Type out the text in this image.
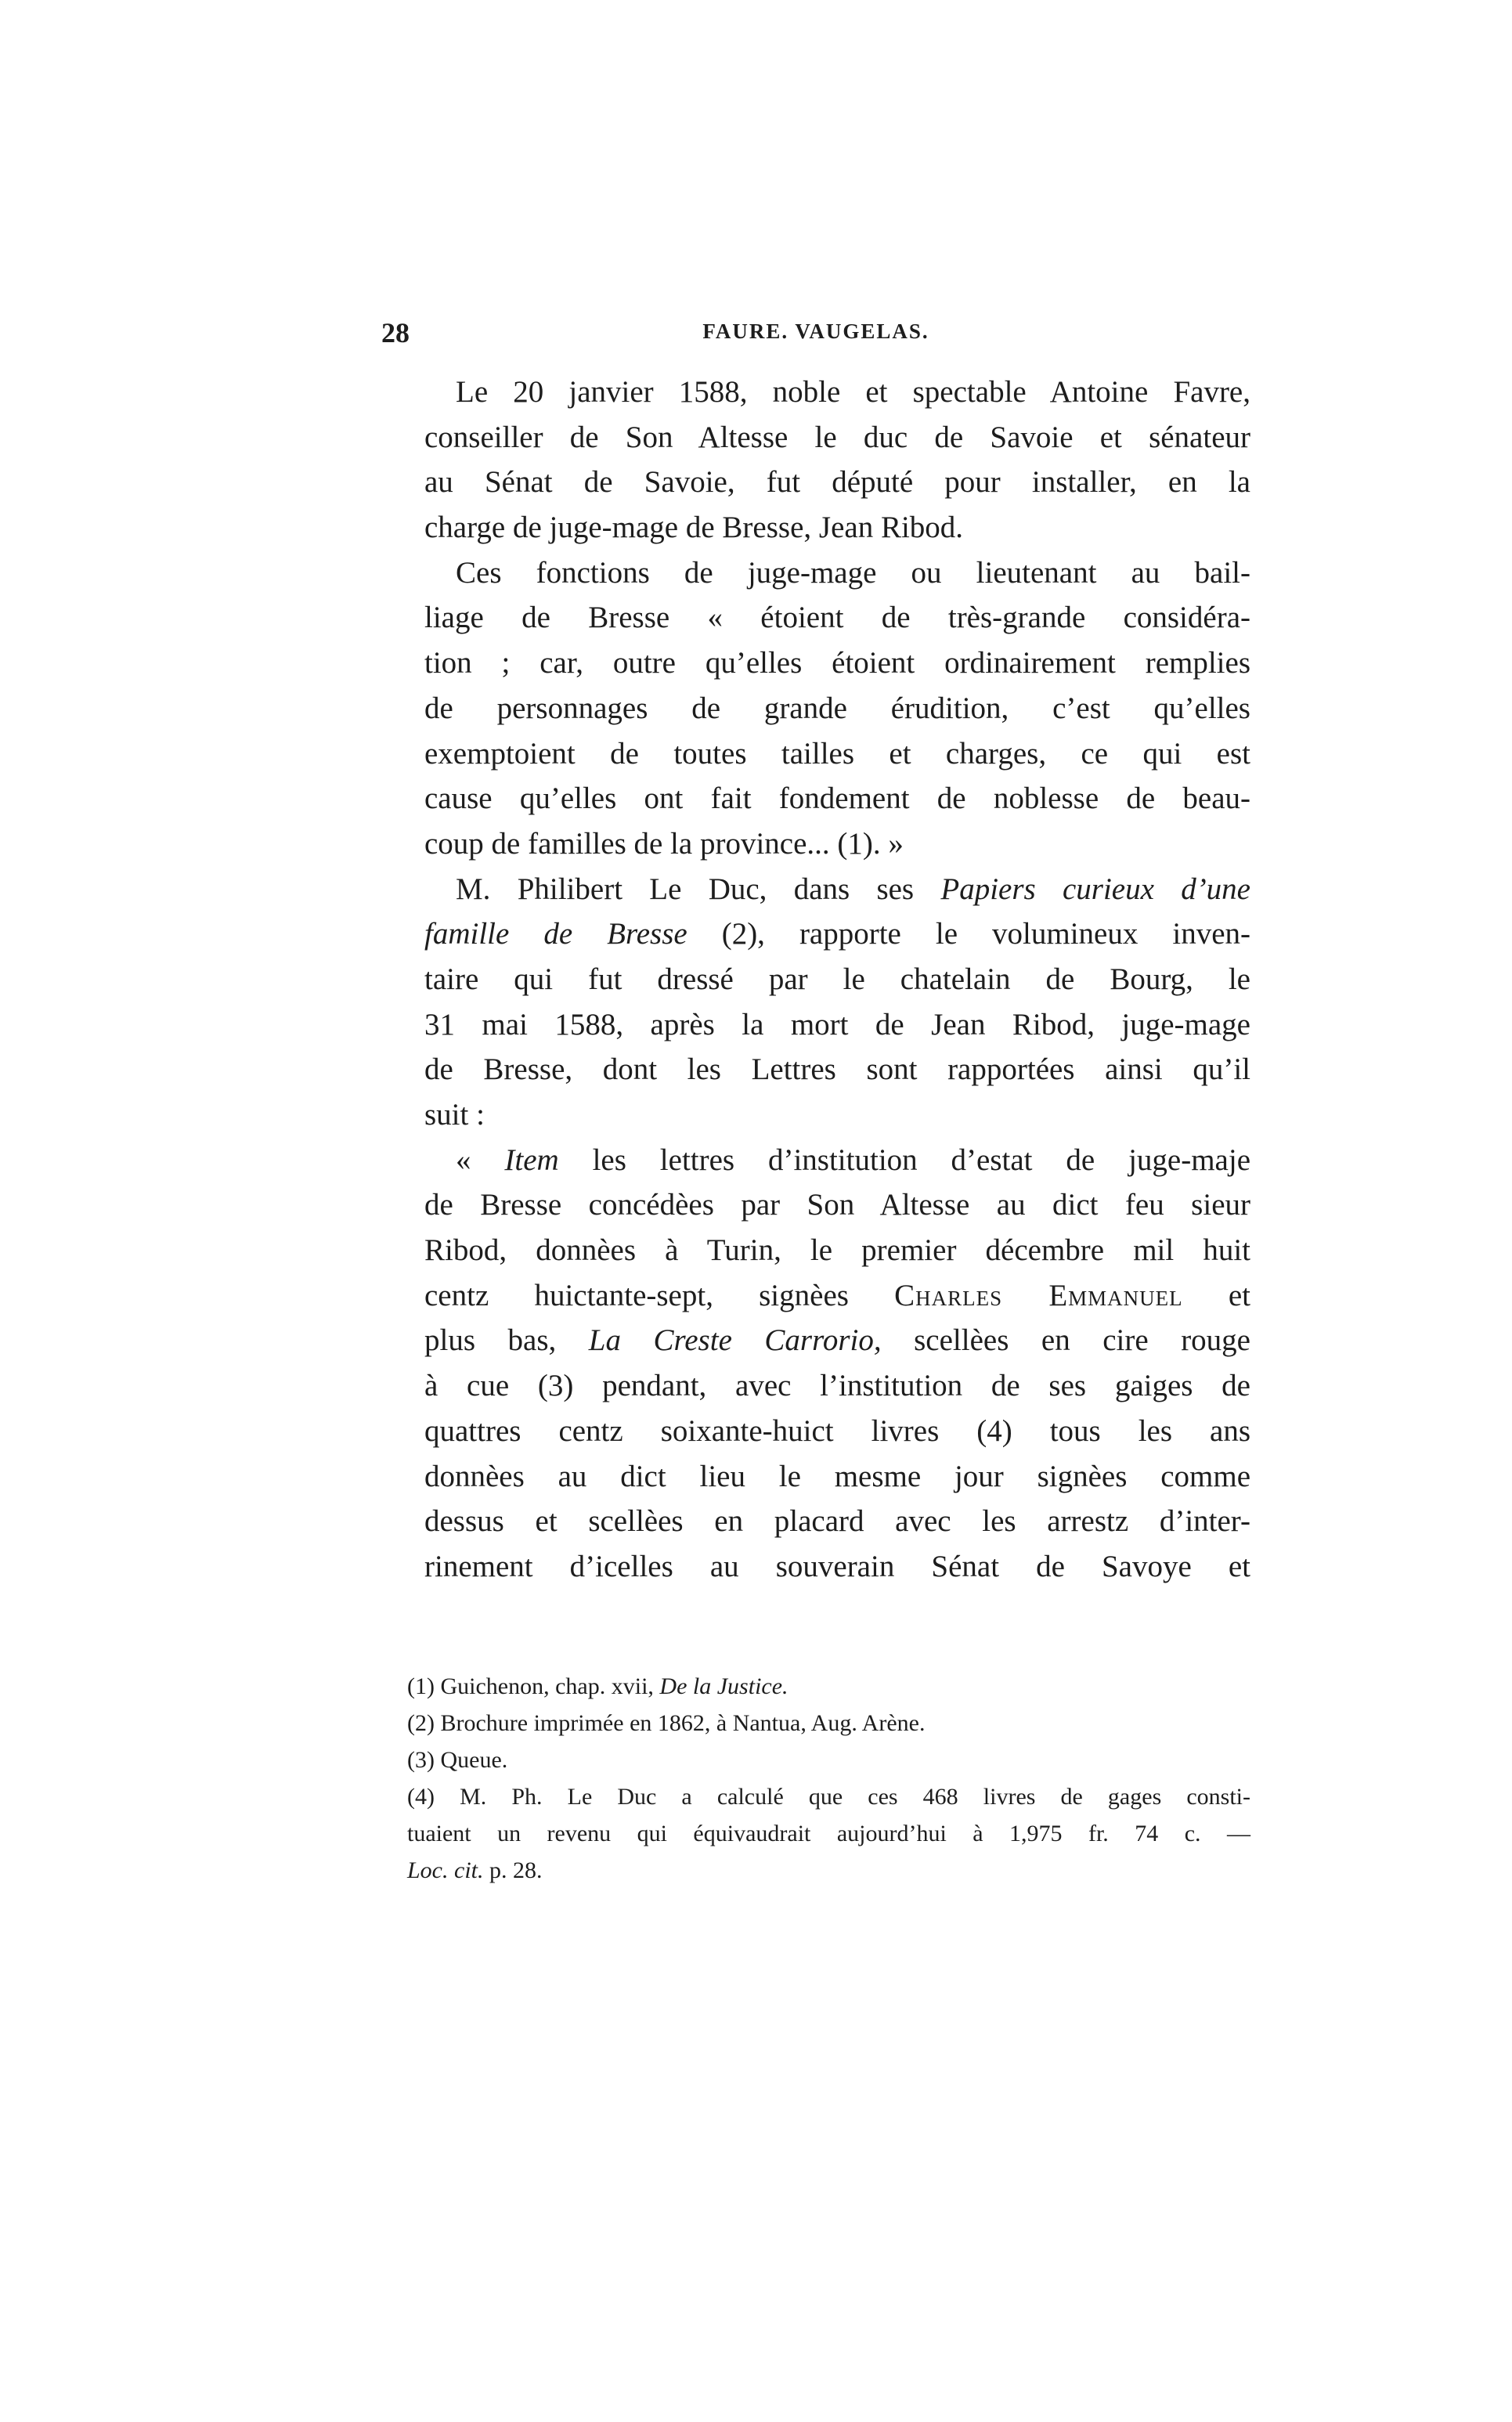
28	FAURE. VAUGELAS.
Le 20 janvier 1588, noble et spectable Antoine Favre,
conseiller de Son Altesse le duc de Savoie et sénateur
au Sénat de Savoie, fut député pour installer, en la
charge de juge-mage de Bresse, Jean Ribod.
Ces fonctions de juge-mage ou lieutenant au bail-
liage de Bresse « étoient de très-grande considéra-
tion ; car, outre qu’elles étoient ordinairement remplies
de personnages de grande érudition, c’est qu’elles
exemptoient de toutes tailles et charges, ce qui est
cause qu’elles ont fait fondement de noblesse de beau-
coup de familles de la province... (1). »
M. Philibert Le Duc, dans ses Papiers curieux d’une
famille de Bresse (2), rapporte le volumineux inven-
taire qui fut dressé par le chatelain de Bourg, le
31 mai 1588, après la mort de Jean Ribod, juge-mage
de Bresse, dont les Lettres sont rapportées ainsi qu’il
suit :
« Item les lettres d’institution d’estat de juge-maje
de Bresse concédèes par Son Altesse au dict feu sieur
Ribod, donnèes à Turin, le premier décembre mil huit
centz huictante-sept, signèes Charles Emmanuel et
plus bas, La Creste Carrorio, scellèes en cire rouge
à cue (3) pendant, avec l’institution de ses gaiges de
quattres centz soixante-huict livres (4) tous les ans
donnèes au dict lieu le mesme jour signèes comme
dessus et scellèes en placard avec les arrestz d’inter-
rinement d’icelles au souverain Sénat de Savoye et
(1) Guichenon, chap. xvii, De la Justice.
(2) Brochure imprimée en 1862, à Nantua, Aug. Arène.
(3) Queue.
(4) M. Ph. Le Duc a calculé que ces 468 livres de gages consti-
tuaient un revenu qui équivaudrait aujourd’hui à 1,975 fr. 74 c. —
Loc. cit. p. 28.
